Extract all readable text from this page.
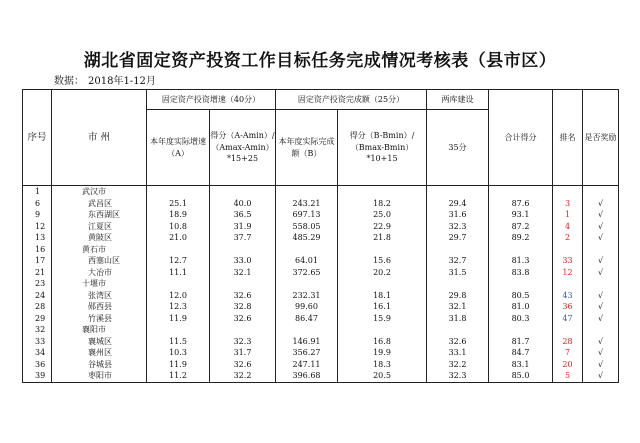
湖北省固定资产投资工作目标任务完成情况考核表（县市区）
数据： 2018年1-12月
序号	市 州	固定资产投资增速（40分）		固定资产投资完成额（25分）		两库建设	合计得分	排名	是否奖励
		本年度实际增速（A）	得分（A-Amin）/（Amax-Amin）*15+25	本年度实际完成额（B）	得分（B-Bmin）/（Bmax-Bmin）*10+15	35分			
1	武汉市								
6	武昌区	25.1	40.0	243.21	18.2	29.4	87.6	3	√
9	东西湖区	18.9	36.5	697.13	25.0	31.6	93.1	1	√
12	江夏区	10.8	31.9	558.05	22.9	32.3	87.2	4	√
13	黄陂区	21.0	37.7	485.29	21.8	29.7	89.2	2	√
16	黄石市								
17	西塞山区	12.7	33.0	64.01	15.6	32.7	81.3	33	√
21	大冶市	11.1	32.1	372.65	20.2	31.5	83.8	12	√
23	十堰市								
24	张湾区	12.0	32.6	232.31	18.1	29.8	80.5	43	√
28	郧西县	12.3	32.8	99.60	16.1	32.1	81.0	36	√
29	竹溪县	11.9	32.6	86.47	15.9	31.8	80.3	47	√
32	襄阳市								
33	襄城区	11.5	32.3	146.91	16.8	32.6	81.7	28	√
34	襄州区	10.3	31.7	356.27	19.9	33.1	84.7	7	√
36	谷城县	11.9	32.6	247.11	18.3	32.2	83.1	20	√
39	枣阳市	11.2	32.2	396.68	20.5	32.3	85.0	5	√
